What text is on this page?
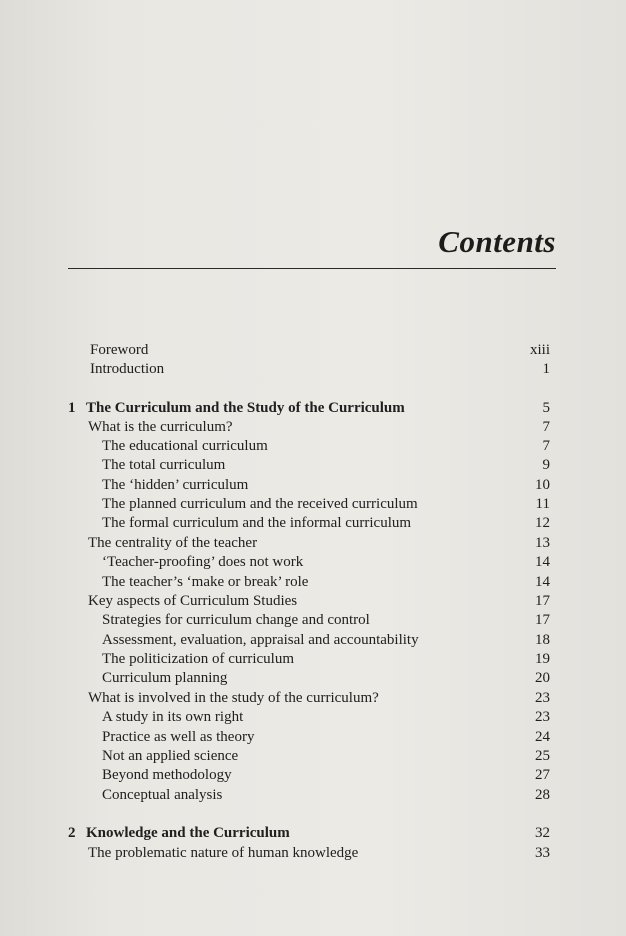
Contents
Foreword	xiii
Introduction	1
1 The Curriculum and the Study of the Curriculum	5
What is the curriculum?	7
The educational curriculum	7
The total curriculum	9
The ‘hidden’ curriculum	10
The planned curriculum and the received curriculum	11
The formal curriculum and the informal curriculum	12
The centrality of the teacher	13
‘Teacher-proofing’ does not work	14
The teacher’s ‘make or break’ role	14
Key aspects of Curriculum Studies	17
Strategies for curriculum change and control	17
Assessment, evaluation, appraisal and accountability	18
The politicization of curriculum	19
Curriculum planning	20
What is involved in the study of the curriculum?	23
A study in its own right	23
Practice as well as theory	24
Not an applied science	25
Beyond methodology	27
Conceptual analysis	28
2 Knowledge and the Curriculum	32
The problematic nature of human knowledge	33
